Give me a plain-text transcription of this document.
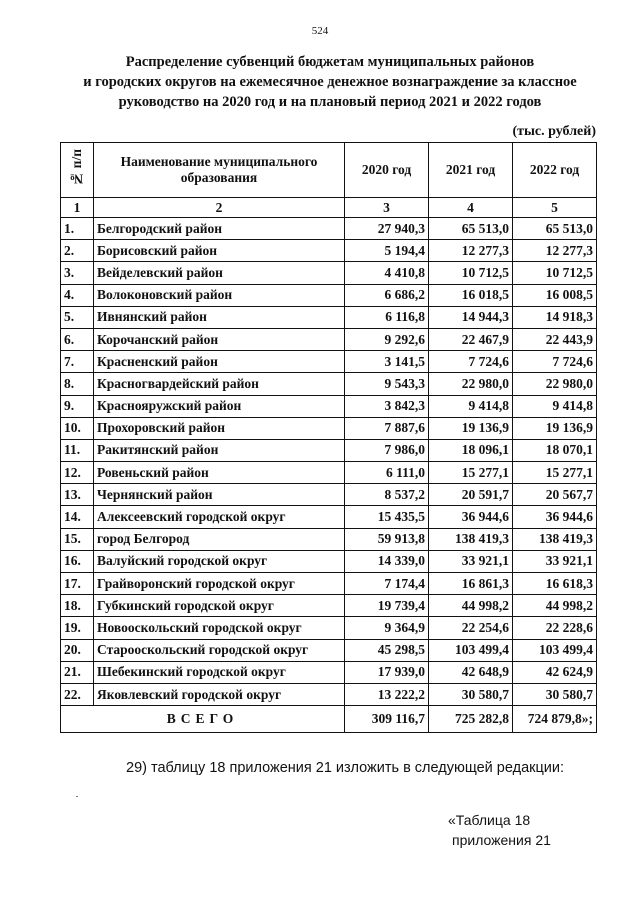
524
Распределение субвенций бюджетам муниципальных районов
и городских округов на ежемесячное денежное вознаграждение за классное
руководство на 2020 год и на плановый период 2021 и 2022 годов
(тыс. рублей)
№ п/п	Наименование муниципального образования	2020 год	2021 год	2022 год
1	2	3	4	5
1.	Белгородский район	27 940,3	65 513,0	65 513,0
2.	Борисовский район	5 194,4	12 277,3	12 277,3
3.	Вейделевский район	4 410,8	10 712,5	10 712,5
4.	Волоконовский район	6 686,2	16 018,5	16 008,5
5.	Ивнянский район	6 116,8	14 944,3	14 918,3
6.	Корочанский район	9 292,6	22 467,9	22 443,9
7.	Красненский район	3 141,5	7 724,6	7 724,6
8.	Красногвардейский район	9 543,3	22 980,0	22 980,0
9.	Краснояружский район	3 842,3	9 414,8	9 414,8
10.	Прохоровский район	7 887,6	19 136,9	19 136,9
11.	Ракитянский район	7 986,0	18 096,1	18 070,1
12.	Ровеньский район	6 111,0	15 277,1	15 277,1
13.	Чернянский район	8 537,2	20 591,7	20 567,7
14.	Алексеевский городской округ	15 435,5	36 944,6	36 944,6
15.	город Белгород	59 913,8	138 419,3	138 419,3
16.	Валуйский городской округ	14 339,0	33 921,1	33 921,1
17.	Грайворонский городской округ	7 174,4	16 861,3	16 618,3
18.	Губкинский городской округ	19 739,4	44 998,2	44 998,2
19.	Новооскольский городской округ	9 364,9	22 254,6	22 228,6
20.	Старооскольский городской округ	45 298,5	103 499,4	103 499,4
21.	Шебекинский городской округ	17 939,0	42 648,9	42 624,9
22.	Яковлевский городской округ	13 222,2	30 580,7	30 580,7
ВСЕГО		309 116,7	725 282,8	724 879,8»;
29) таблицу 18 приложения 21 изложить в следующей редакции:
«Таблица 18
приложения 21
